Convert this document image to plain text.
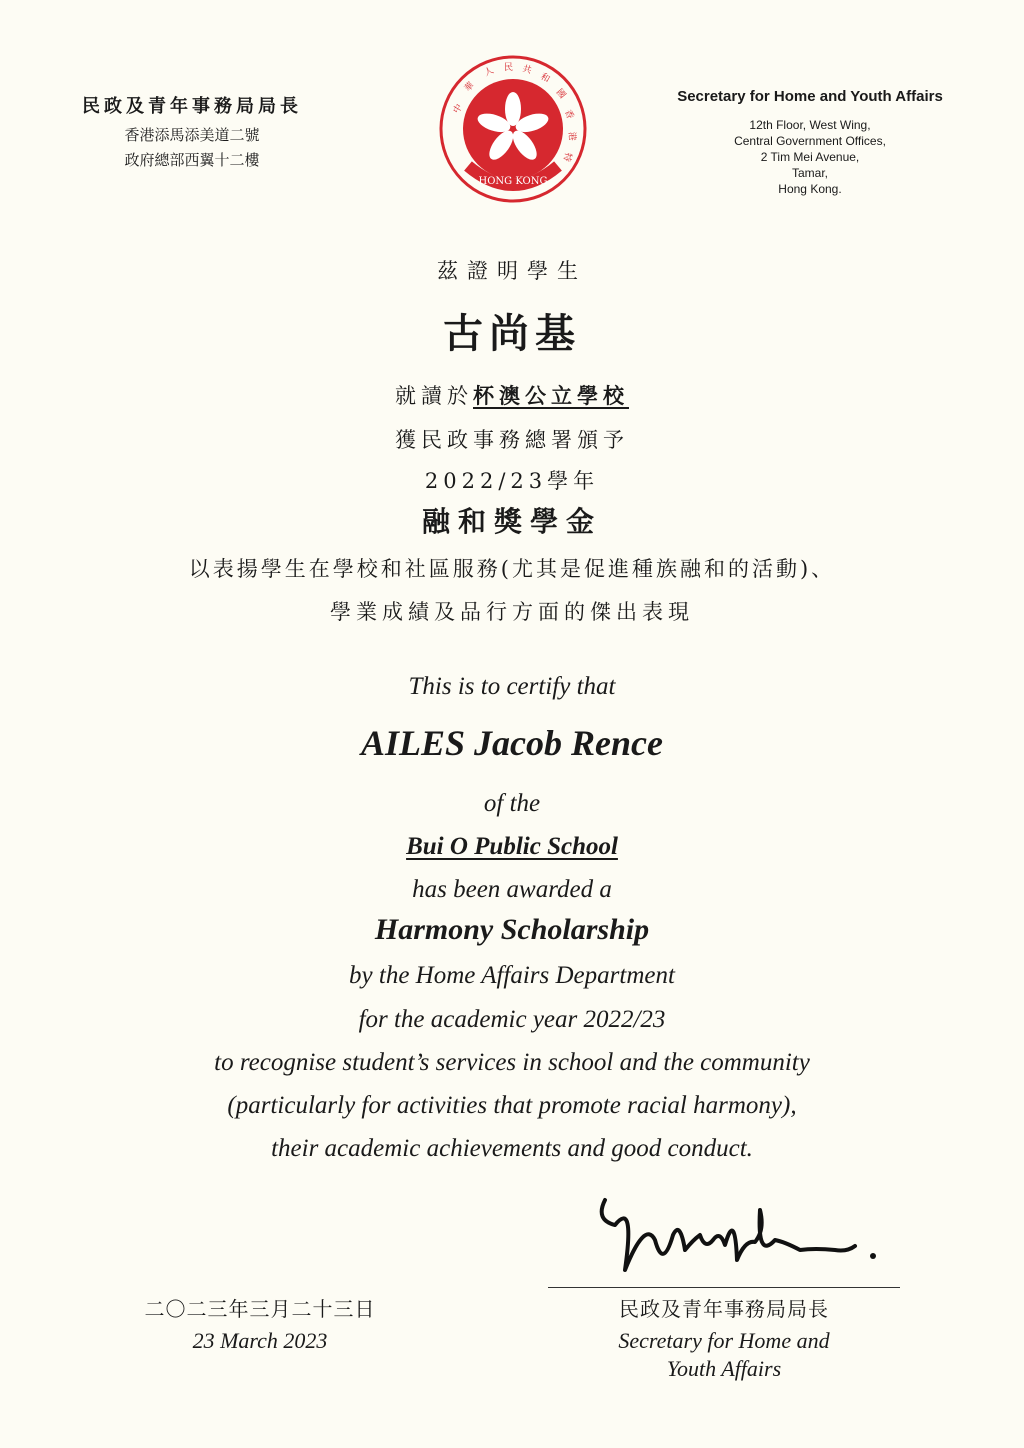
民政及青年事務局局長
香港添馬添美道二號
政府總部西翼十二樓
中
華
人 民 共
和
國
香
港
特
HONG KONG
Secretary for Home and Youth Affairs
12th Floor, West Wing,
Central Government Offices,
2 Tim Mei Avenue,
Tamar,
Hong Kong.
茲證明學生
古尚基
就讀於杯澳公立學校
獲民政事務總署頒予
2022/23學年
融和獎學金
以表揚學生在學校和社區服務(尤其是促進種族融和的活動)、
學業成績及品行方面的傑出表現
This is to certify that
AILES Jacob Rence
of the
Bui O Public School
has been awarded a
Harmony Scholarship
by the Home Affairs Department
for the academic year 2022/23
to recognise student’s services in school and the community
(particularly for activities that promote racial harmony),
their academic achievements and good conduct.
二〇二三年三月二十三日
23 March 2023
民政及青年事務局局長
Secretary for Home and
Youth Affairs
